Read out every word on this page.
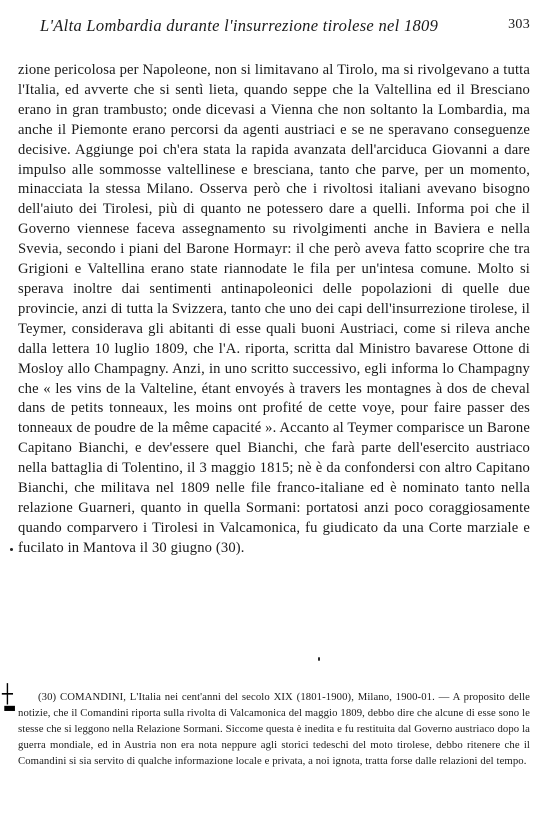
L'Alta Lombardia durante l'insurrezione tirolese nel 1809	303

zione pericolosa per Napoleone, non si limitavano al Tirolo, ma si rivolgevano a tutta l'Italia, ed avverte che si sentì lieta, quando seppe che la Valtellina ed il Bresciano erano in gran trambusto; onde dicevasi a Vienna che non soltanto la Lombardia, ma anche il Piemonte erano percorsi da agenti austriaci e se ne speravano conseguenze decisive. Aggiunge poi ch'era stata la rapida avanzata dell'arciduca Giovanni a dare impulso alle sommosse valtellinese e bresciana, tanto che parve, per un momento, minacciata la stessa Milano. Osserva però che i rivoltosi italiani avevano bisogno dell'aiuto dei Tirolesi, più di quanto ne potessero dare a quelli. Informa poi che il Governo viennese faceva assegnamento su rivolgimenti anche in Baviera e nella Svevia, secondo i piani del Barone Hormayr: il che però aveva fatto scoprire che tra Grigioni e Valtellina erano state riannodate le fila per un'intesa comune. Molto si sperava inoltre dai sentimenti antinapoleonici delle popolazioni di quelle due provincie, anzi di tutta la Svizzera, tanto che uno dei capi dell'insurrezione tirolese, il Teymer, considerava gli abitanti di esse quali buoni Austriaci, come si rileva anche dalla lettera 10 luglio 1809, che l'A. riporta, scritta dal Ministro bavarese Ottone di Mosloy allo Champagny. Anzi, in uno scritto successivo, egli informa lo Champagny che « les vins de la Valteline, étant envoyés à travers les montagnes à dos de cheval dans de petits tonneaux, les moins ont profité de cette voye, pour faire passer des tonneaux de poudre de la même capacité ». Accanto al Teymer comparisce un Barone Capitano Bianchi, e dev'essere quel Bianchi, che farà parte dell'esercito austriaco nella battaglia di Tolentino, il 3 maggio 1815; nè è da confondersi con altro Capitano Bianchi, che militava nel 1809 nelle file franco-italiane ed è nominato tanto nella relazione Guarneri, quanto in quella Sormani: portatosi anzi poco coraggiosamente quando comparvero i Tirolesi in Valcamonica, fu giudicato da una Corte marziale e fucilato in Mantova il 30 giugno (30).

┼
▬

(30) COMANDINI, L'Italia nei cent'anni del secolo XIX (1801-1900), Milano, 1900-01. — A proposito delle notizie, che il Comandini riporta sulla rivolta di Valcamonica del maggio 1809, debbo dire che alcune di esse sono le stesse che si leggono nella Relazione Sormani. Siccome questa è inedita e fu restituita dal Governo austriaco dopo la guerra mondiale, ed in Austria non era nota neppure agli storici tedeschi del moto tirolese, debbo ritenere che il Comandini si sia servito di qualche informazione locale e privata, a noi ignota, tratta forse dalle relazioni del tempo.
